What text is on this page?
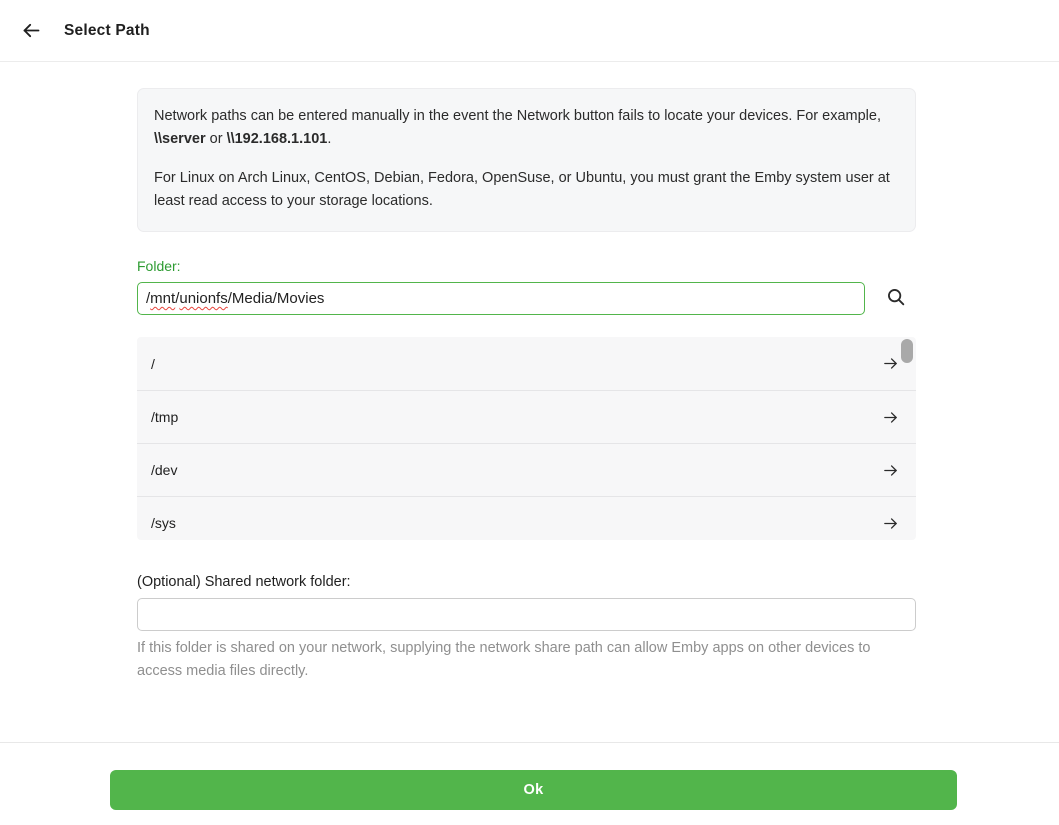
Select Path

Network paths can be entered manually in the event the Network button fails to locate your devices. For example, \\server or \\192.168.1.101.

For Linux on Arch Linux, CentOS, Debian, Fedora, OpenSuse, or Ubuntu, you must grant the Emby system user at least read access to your storage locations.

Folder:
/ mnt / unionfs /Media/Movies
/
/tmp
/dev
/sys
(Optional) Shared network folder:
If this folder is shared on your network, supplying the network share path can allow Emby apps on other devices to access media files directly.
Ok
